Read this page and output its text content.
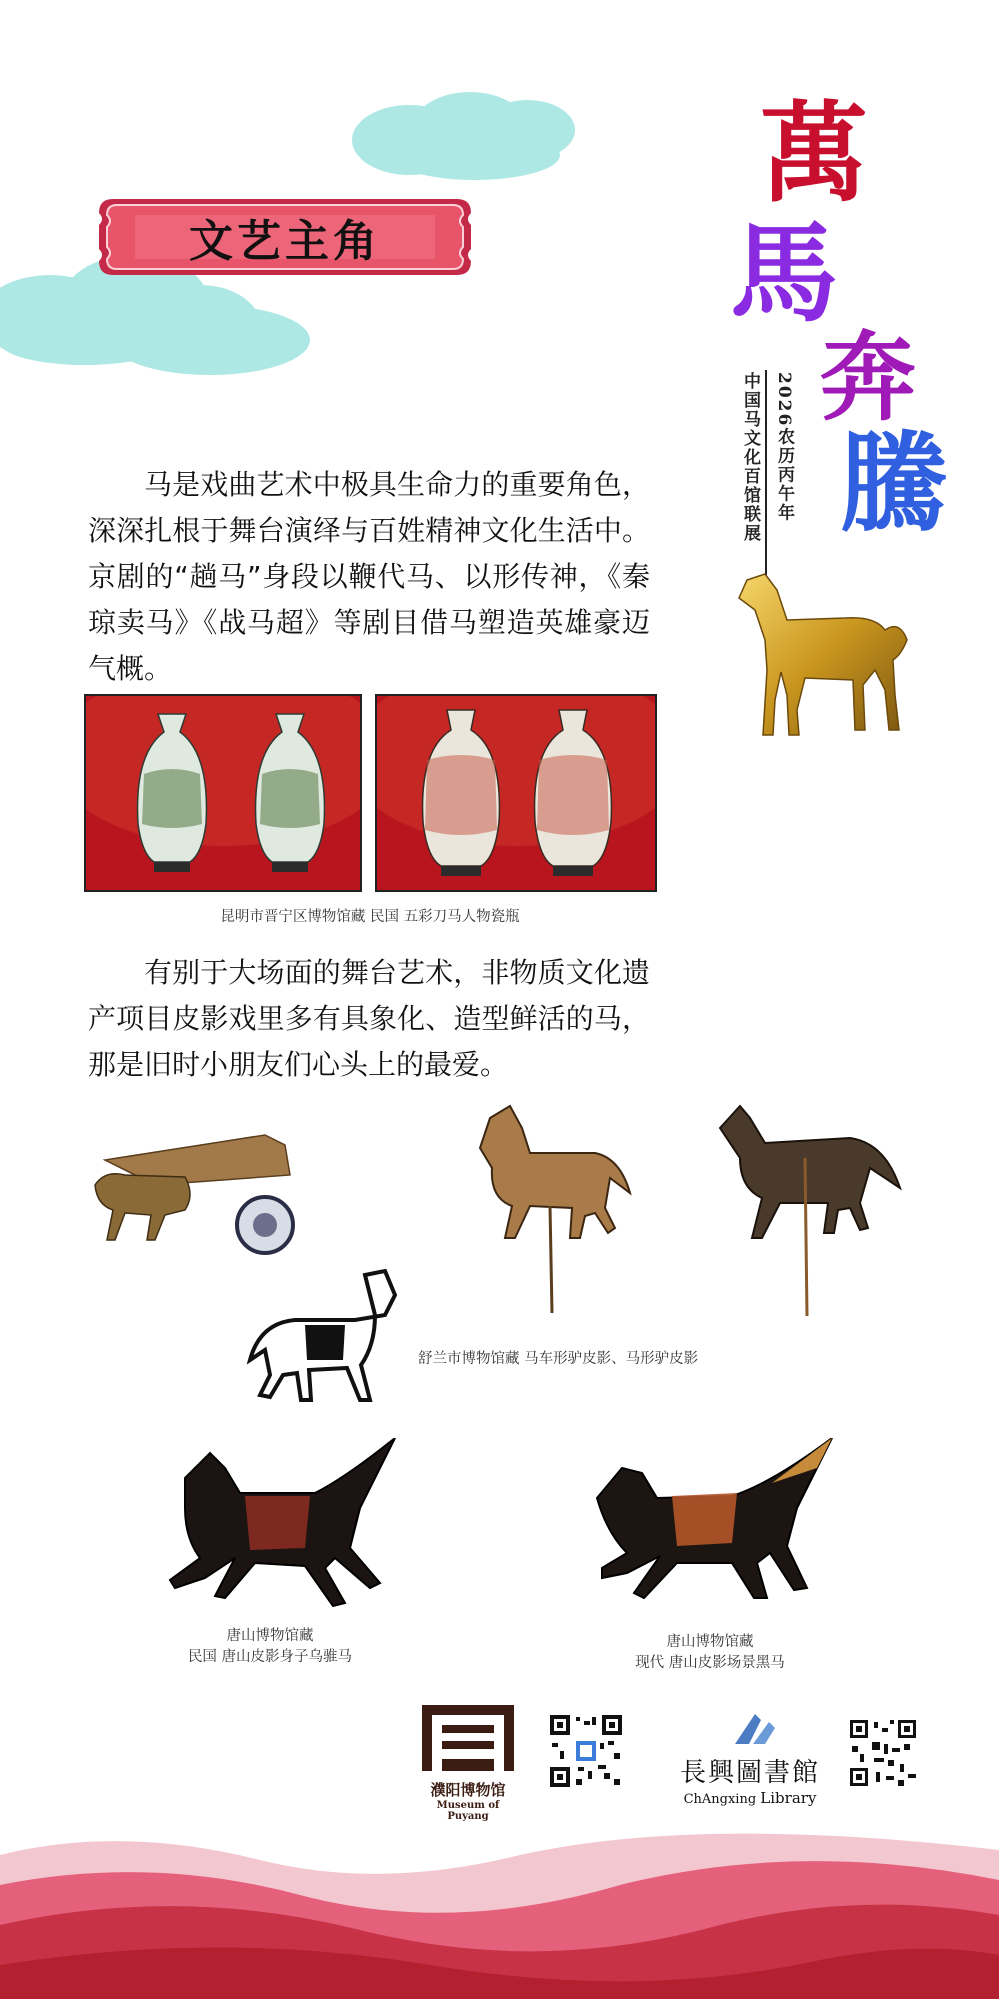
文艺主角
萬
馬
奔
騰
2026农历丙午年
中国马文化百馆联展
马是戏曲艺术中极具生命力的重要角色，深深扎根于舞台演绎与百姓精神文化生活中。京剧的“趟马”身段以鞭代马、以形传神，《秦琼卖马》《战马超》等剧目借马塑造英雄豪迈气概。
昆明市晋宁区博物馆藏 民国 五彩刀马人物瓷瓶
有别于大场面的舞台艺术，非物质文化遗产项目皮影戏里多有具象化、造型鲜活的马，那是旧时小朋友们心头上的最爱。
舒兰市博物馆藏 马车形驴皮影、马形驴皮影
唐山博物馆藏
民国 唐山皮影身子乌骓马
唐山博物馆藏
现代 唐山皮影场景黑马
濮阳博物馆
Museum of Puyang
長興圖書館
ChAngxing Library
